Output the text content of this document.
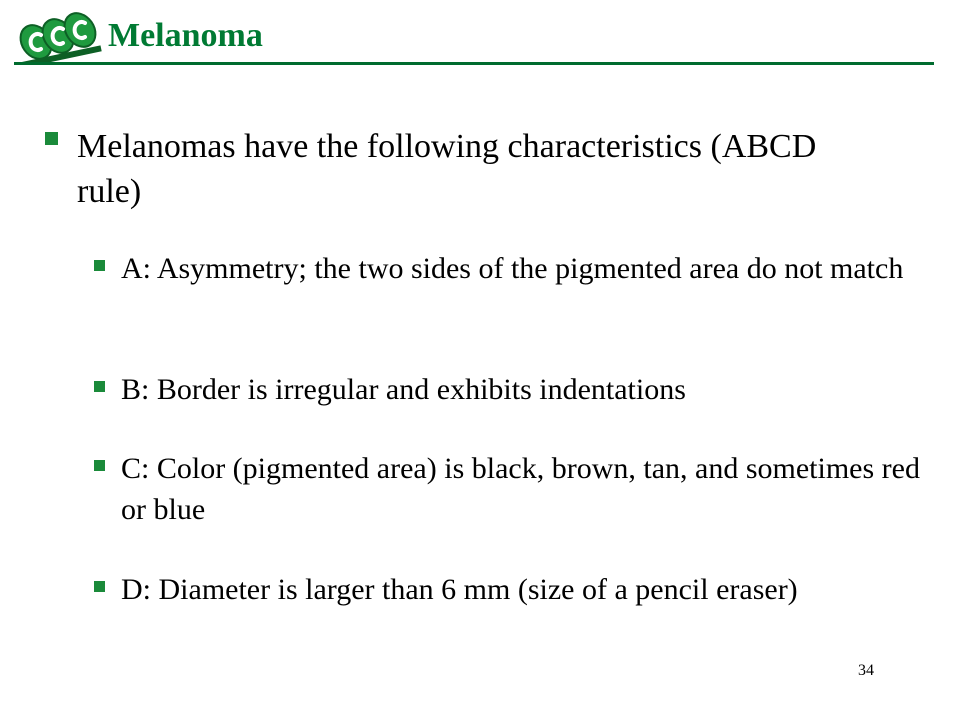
Melanoma

Melanomas have the following characteristics (ABCD rule)

A: Asymmetry; the two sides of the pigmented area do not match

B: Border is irregular and exhibits indentations

C: Color (pigmented area) is black, brown, tan, and sometimes red or blue

D: Diameter is larger than 6 mm (size of a pencil eraser)

34
